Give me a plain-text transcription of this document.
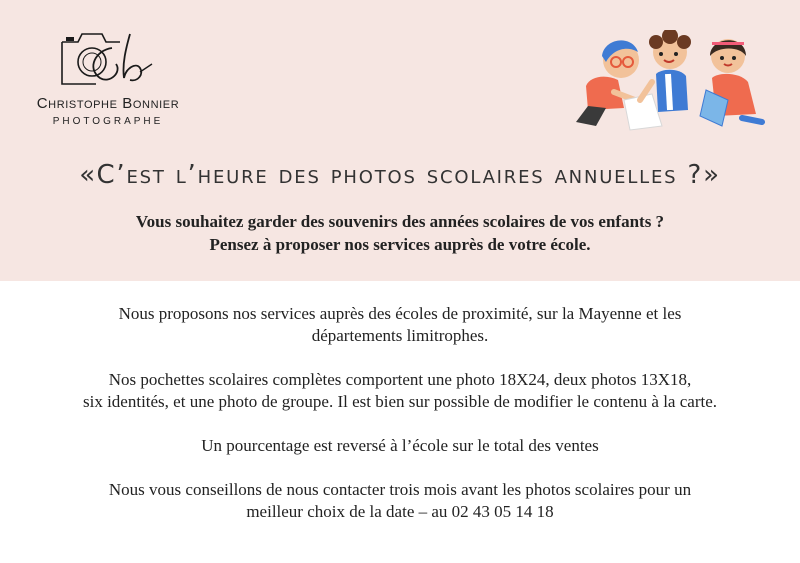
Cb
Christophe Bonnier
PHOTOGRAPHE
«C’est l’heure des photos scolaires annuelles ?»
Vous souhaitez garder des souvenirs des années scolaires de vos enfants ?
Pensez à proposer nos services auprès de votre école.
Nous proposons nos services auprès des écoles de proximité, sur la Mayenne et les
départements limitrophes.
Nos pochettes scolaires complètes comportent une photo 18X24, deux photos 13X18,
six identités, et une photo de groupe. Il est bien sur possible de modifier le contenu à la carte.
Un pourcentage est reversé à l’école sur le total des ventes
Nous vous conseillons de nous contacter trois mois avant les photos scolaires pour un
meilleur choix de la date – au 02 43 05 14 18
